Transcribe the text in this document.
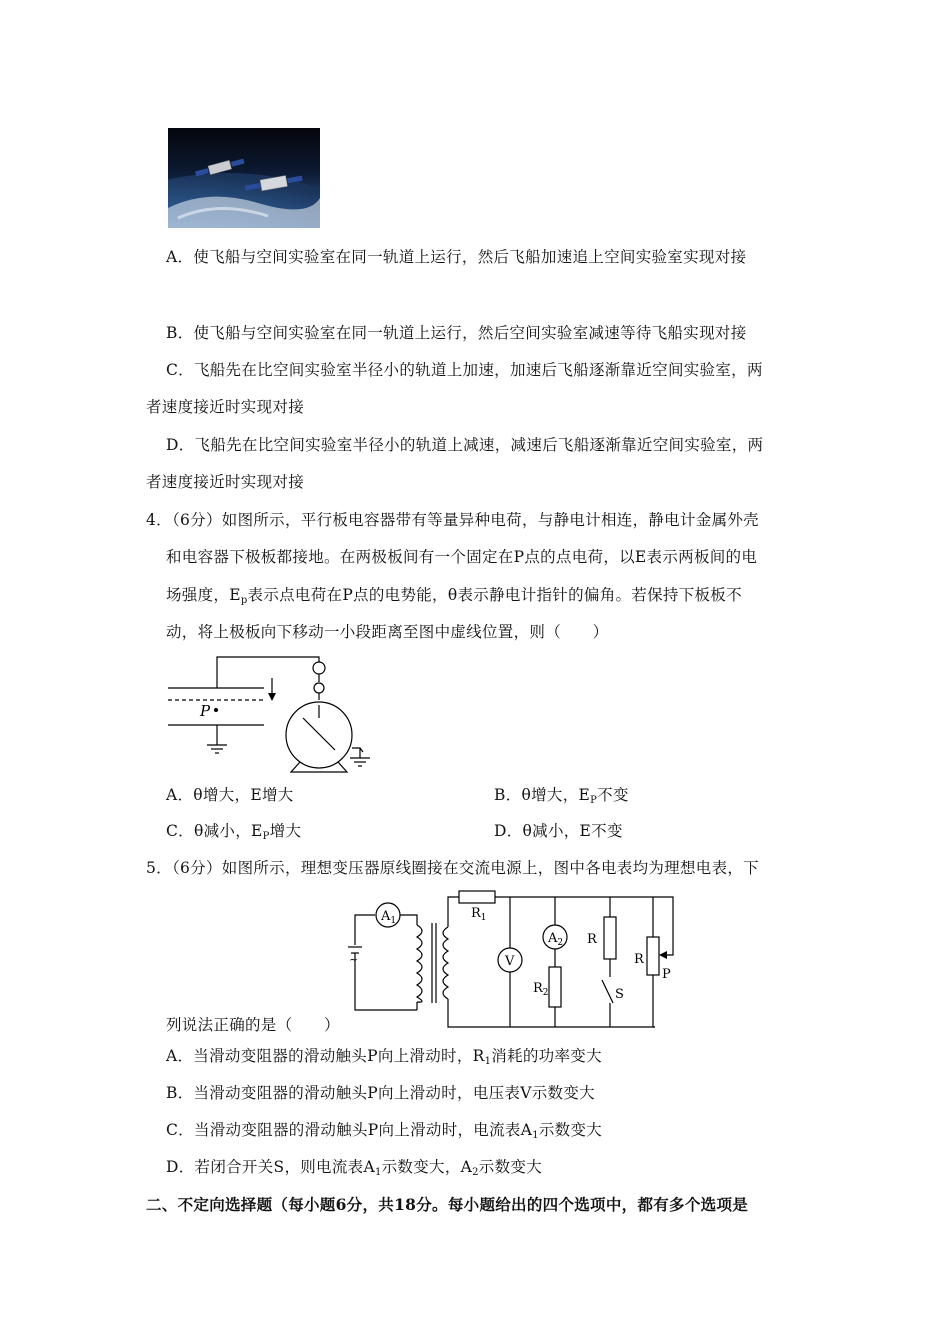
A．使飞船与空间实验室在同一轨道上运行，然后飞船加速追上空间实验室实现对接
B．使飞船与空间实验室在同一轨道上运行，然后空间实验室减速等待飞船实现对接
C．飞船先在比空间实验室半径小的轨道上加速，加速后飞船逐渐靠近空间实验室，两
者速度接近时实现对接
D．飞船先在比空间实验室半径小的轨道上减速，减速后飞船逐渐靠近空间实验室，两
者速度接近时实现对接
4．（6分）如图所示，平行板电容器带有等量异种电荷，与静电计相连，静电计金属外壳
和电容器下极板都接地。在两极板间有一个固定在P点的点电荷，以E表示两板间的电
场强度，$E_p$表示点电荷在P点的电势能，θ表示静电计指针的偏角。若保持下板板不
动，将上极板向下移动一小段距离至图中虚线位置，则（　　）
P
A．θ增大，E增大	B．θ增大，$E_P$不变
C．θ减小，$E_P$增大	D．θ减小，E不变
5．（6分）如图所示，理想变压器原线圈接在交流电源上，图中各电表均为理想电表，下
$A_1$	$R_1$
V
$A_2$
$R_2$
R
S
R
P
~
列说法正确的是（　　）
A．当滑动变阻器的滑动触头P向上滑动时，$R_1$消耗的功率变大
B．当滑动变阻器的滑动触头P向上滑动时，电压表V示数变大
C．当滑动变阻器的滑动触头P向上滑动时，电流表$A_1$示数变大
D．若闭合开关S，则电流表$A_1$示数变大，$A_2$示数变大
二、不定向选择题（每小题6分，共18分。每小题给出的四个选项中，都有多个选项是
